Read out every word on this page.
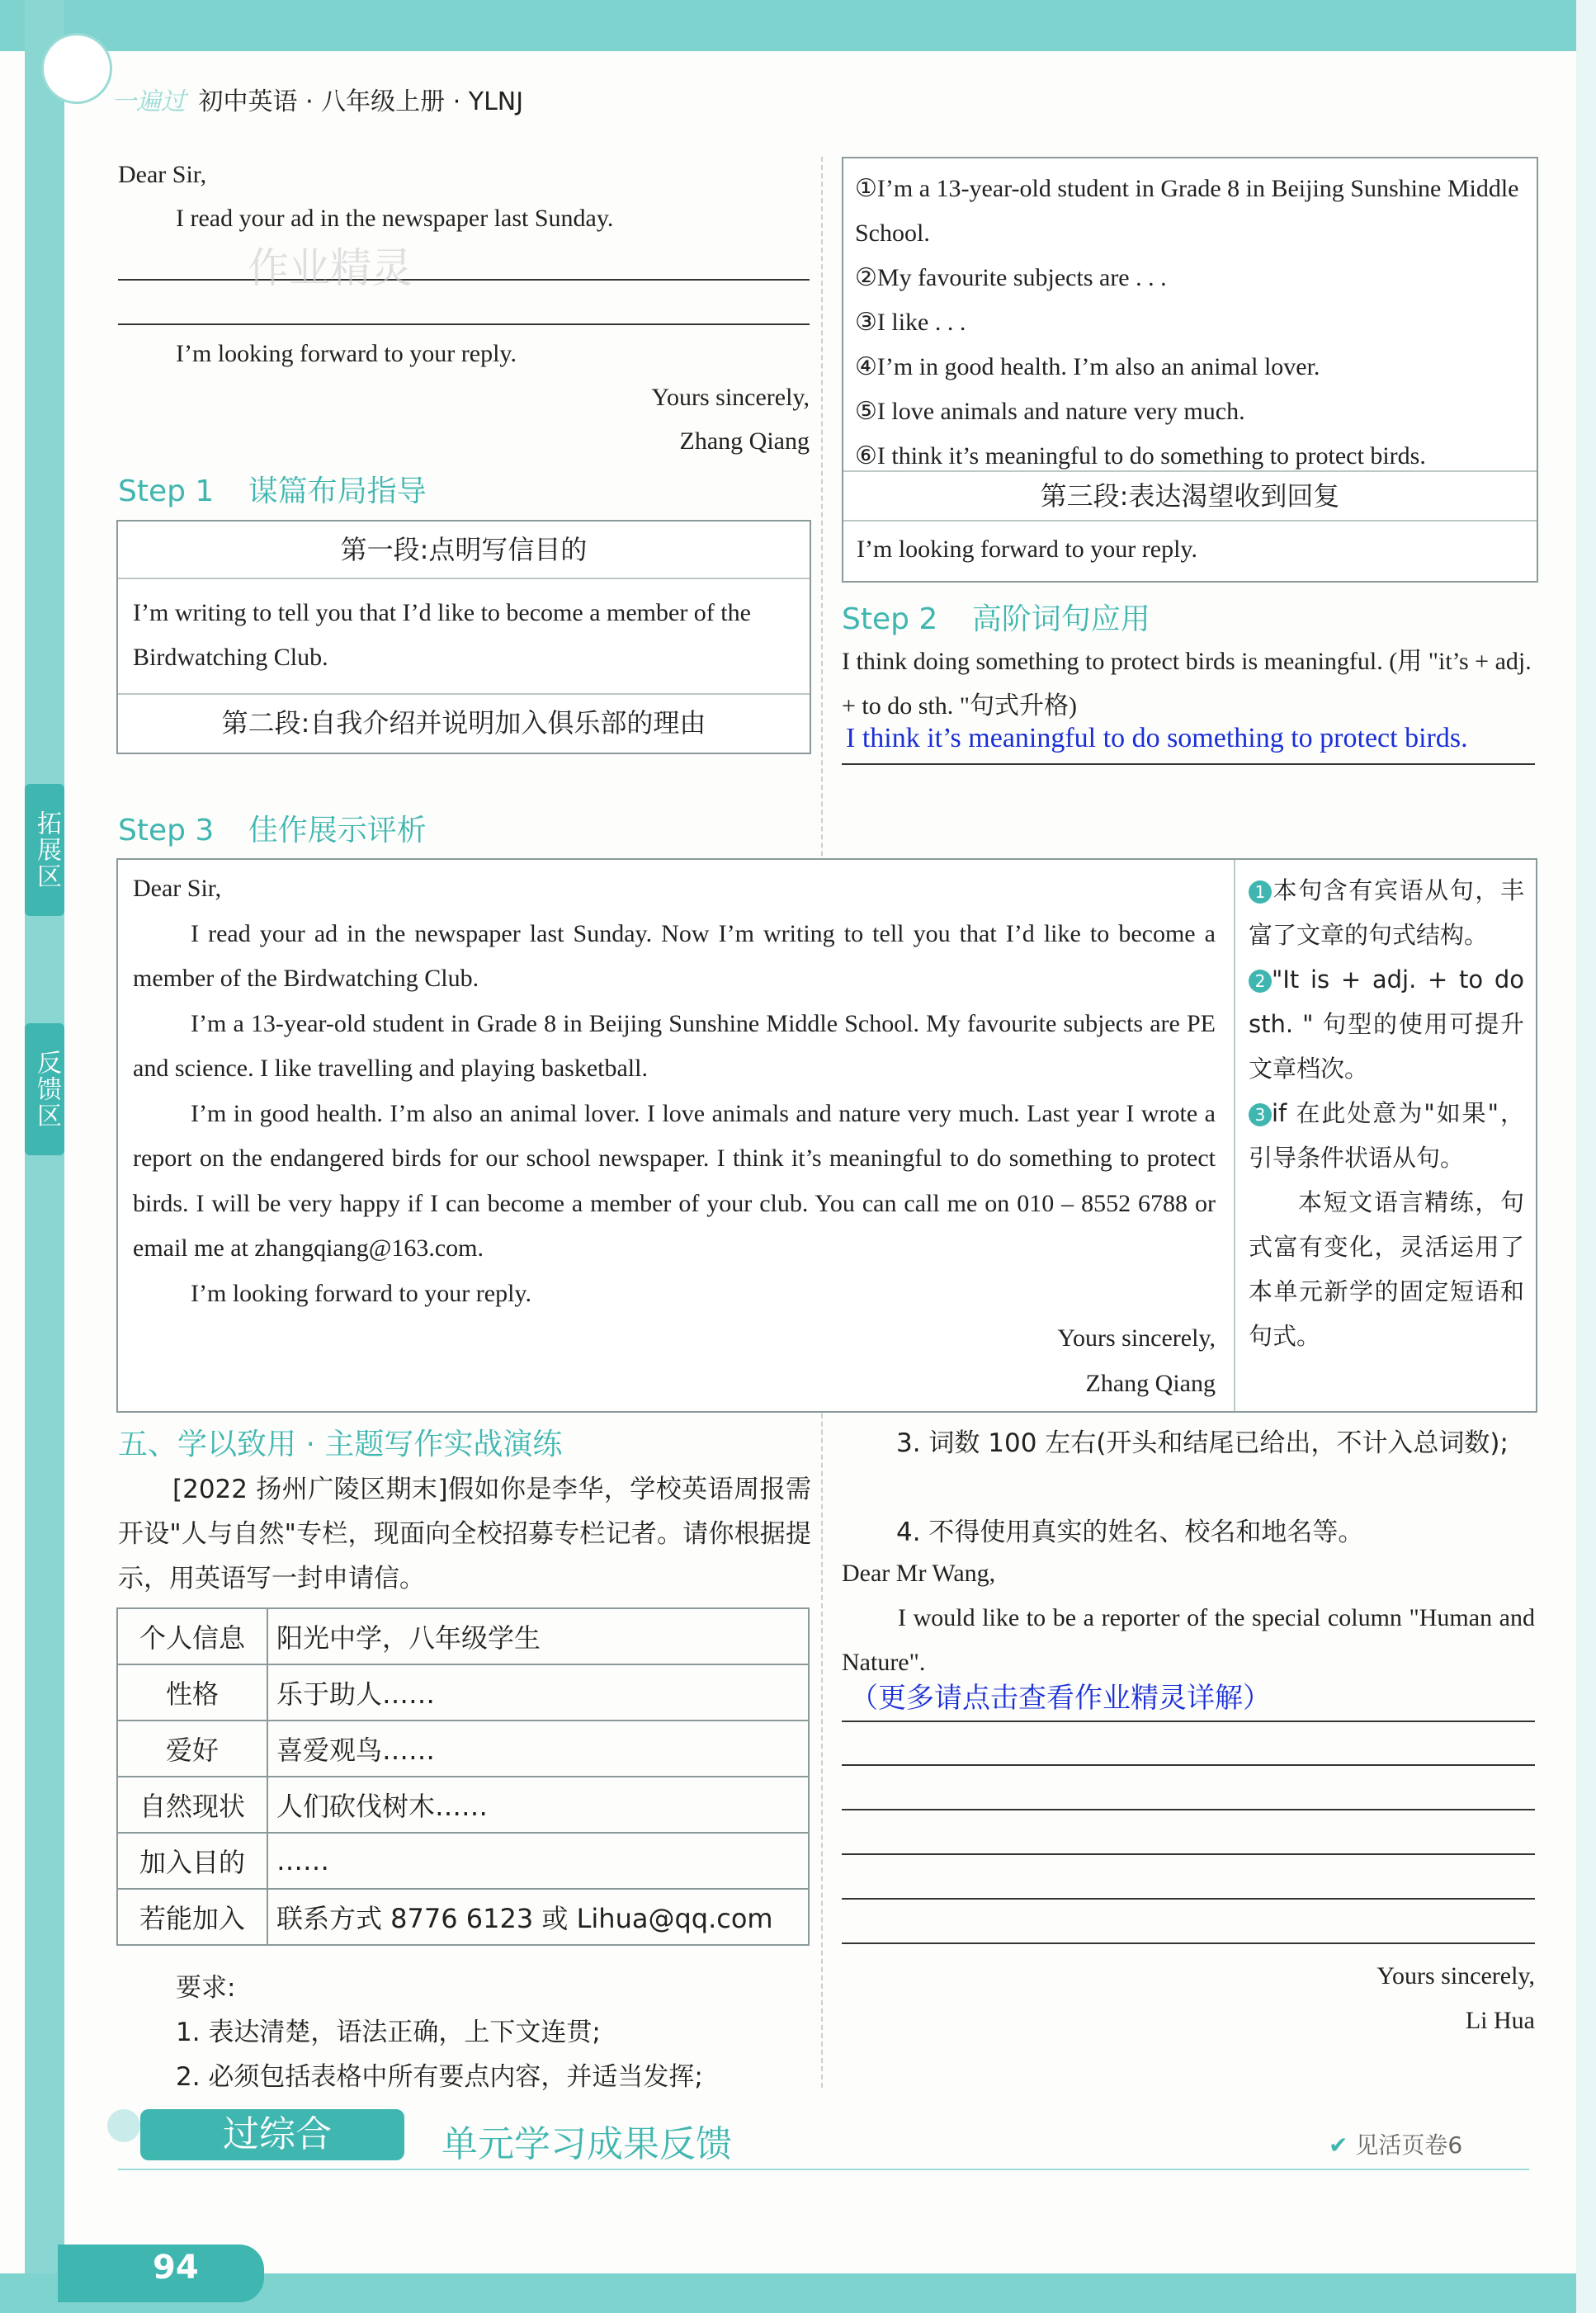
拓展区
反馈区
一遍过 初中英语 · 八年级上册 · YLNJ
Dear Sir,
I read your ad in the newspaper last Sunday.
作业精灵
I’m looking forward to your reply.
Yours sincerely,
Zhang Qiang
Step 1 谋篇布局指导
第一段:点明写信目的
I’m writing to tell you that I’d like to become a member of the Birdwatching Club.
第二段:自我介绍并说明加入俱乐部的理由
①I’m a 13-year-old student in Grade 8 in Beijing Sunshine Middle School.
②My favourite subjects are . . .
③I like . . .
④I’m in good health. I’m also an animal lover.
⑤I love animals and nature very much.
⑥I think it’s meaningful to do something to protect birds.
第三段:表达渴望收到回复
I’m looking forward to your reply.
Step 2 高阶词句应用
I think doing something to protect birds is meaningful. (用 "it’s + adj. + to do sth. "句式升格)
I think it’s meaningful to do something to protect birds.
Step 3 佳作展示评析
Dear Sir,
I read your ad in the newspaper last Sunday. Now I’m writing to tell you that I’d like to become a member of the Birdwatching Club.
I’m a 13-year-old student in Grade 8 in Beijing Sunshine Middle School. My favourite subjects are PE and science. I like travelling and playing basketball.
I’m in good health. I’m also an animal lover. I love animals and nature very much. Last year I wrote a report on the endangered birds for our school newspaper. I think it’s meaningful to do something to protect birds. I will be very happy if I can become a member of your club. You can call me on 010 – 8552 6788 or email me at zhangqiang@163.com.
I’m looking forward to your reply.
Yours sincerely,
Zhang Qiang
1 本句含有宾语从句，丰富了文章的句式结构。
2 "It is + adj. + to do sth. " 句型的使用可提升文章档次。
3 if 在此处意为"如果"，引导条件状语从句。
本短文语言精练，句式富有变化，灵活运用了本单元新学的固定短语和句式。
五、学以致用 · 主题写作实战演练
[2022 扬州广陵区期末]假如你是李华，学校英语周报需开设"人与自然"专栏，现面向全校招募专栏记者。请你根据提示，用英语写一封申请信。
个人信息	阳光中学，八年级学生
性格	乐于助人……
爱好	喜爱观鸟……
自然现状	人们砍伐树木……
加入目的	……
若能加入	联系方式 8776 6123 或 Lihua@qq.com
要求:
1. 表达清楚，语法正确，上下文连贯;
2. 必须包括表格中所有要点内容，并适当发挥;
3. 词数 100 左右(开头和结尾已给出，不计入总词数);
4. 不得使用真实的姓名、校名和地名等。
Dear Mr Wang,
I would like to be a reporter of the special column "Human and Nature".
（更多请点击查看作业精灵详解）
Yours sincerely,
Li Hua
过综合	单元学习成果反馈	✔ 见活页卷6
94
